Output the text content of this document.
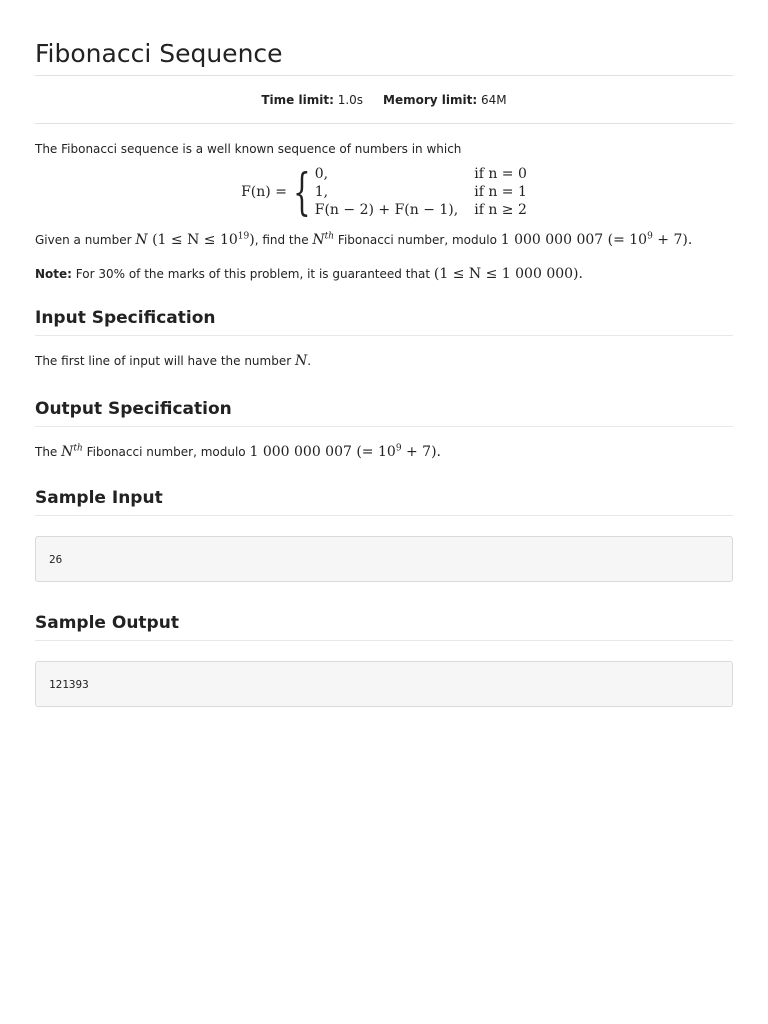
Fibonacci Sequence
Time limit: 1.0s Memory limit: 64M

The Fibonacci sequence is a well known sequence of numbers in which

F(n) = { 0,	if n = 0
1,	if n = 1
F(n − 2) + F(n − 1), if n ≥ 2

Given a number N $(1 \le N \le 10^{19})$, find the $N^{th}$ Fibonacci number, modulo 1 000 000 007 (= $10^9 + 7$).

Note: For 30% of the marks of this problem, it is guaranteed that (1 ≤ N ≤ 1 000 000).

Input Specification

The first line of input will have the number N.

Output Specification

The $N^{th}$ Fibonacci number, modulo 1 000 000 007 (= $10^9 + 7$).

Sample Input
26
Sample Output
121393
